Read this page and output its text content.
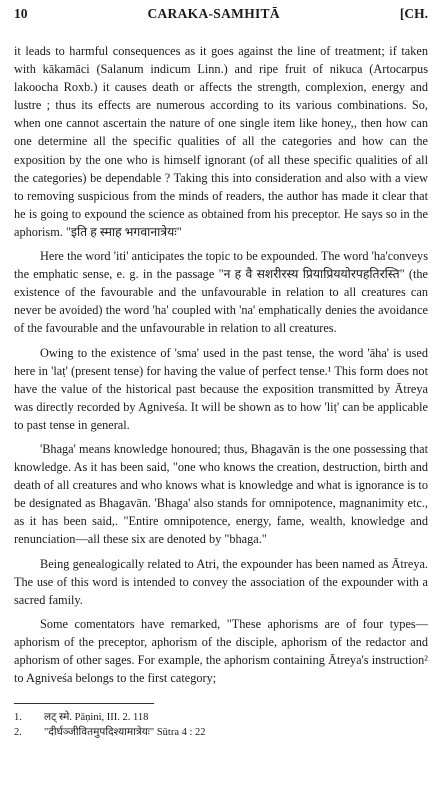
10	CARAKA-SAMHITĀ	[CH.

it leads to harmful consequences as it goes against the line of treatment; if taken with kākamāci (Salanum indicum Linn.) and ripe fruit of nikuca (Artocarpus lakoocha Roxb.) it causes death or affects the strength, complexion, energy and lustre ; thus its effects are numerous according to its various combinations. So, when one cannot ascertain the nature of one single item like honey,, then how can one determine all the specific qualities of all the categories and how can the exposition by the one who is himself ignorant (of all these specific qualities of all the categories) be dependable ? Taking this into consideration and also with a view to removing suspicious from the minds of readers, the author has made it clear that he is going to expound the science as obtained from his preceptor. He says so in the aphorism. "इति ह स्माह भगवानात्रेयः"

Here the word 'iti' anticipates the topic to be expounded. The word 'ha'conveys the emphatic sense, e. g. in the passage "न ह वै सशरीरस्य प्रियाप्रिययोरपहतिरस्ति" (the existence of the favourable and the unfavourable in relation to all creatures can never be avoided) the word 'ha' coupled with 'na' emphatically denies the avoidance of the favourable and the unfavourable in relation to all creatures.

Owing to the existence of 'sma' used in the past tense, the word 'āha' is used here in 'laṭ' (present tense) for having the value of perfect tense.¹ This form does not have the value of the historical past because the exposition transmitted by Ātreya was directly recorded by Agniveśa. It will be shown as to how 'liṭ' can be applicable to past tense in general.

'Bhaga' means knowledge honoured; thus, Bhagavān is the one possessing that knowledge. As it has been said, "one who knows the creation, destruction, birth and death of all creatures and who knows what is knowledge and what is ignorance is to be designated as Bhagavān. 'Bhaga' also stands for omnipotence, magnanimity etc., as it has been said,. "Entire omnipotence, energy, fame, wealth, knowledge and renunciation—all these six are denoted by "bhaga."

Being genealogically related to Atri, the expounder has been named as Ātreya. The use of this word is intended to convey the association of the expounder with a sacred family.

Some comentators have remarked, "These aphorisms are of four types—aphorism of the preceptor, aphorism of the disciple, aphorism of the redactor and aphorism of other sages. For example, the aphorism containing Ātreya's instruction² to Agniveśa belongs to the first category;

1.	लट् स्मे. Pāṇini, III. 2. 118
2.	"दीर्घञ्जीवितमुपदिश्यामात्रेयः" Sūtra 4 : 22
